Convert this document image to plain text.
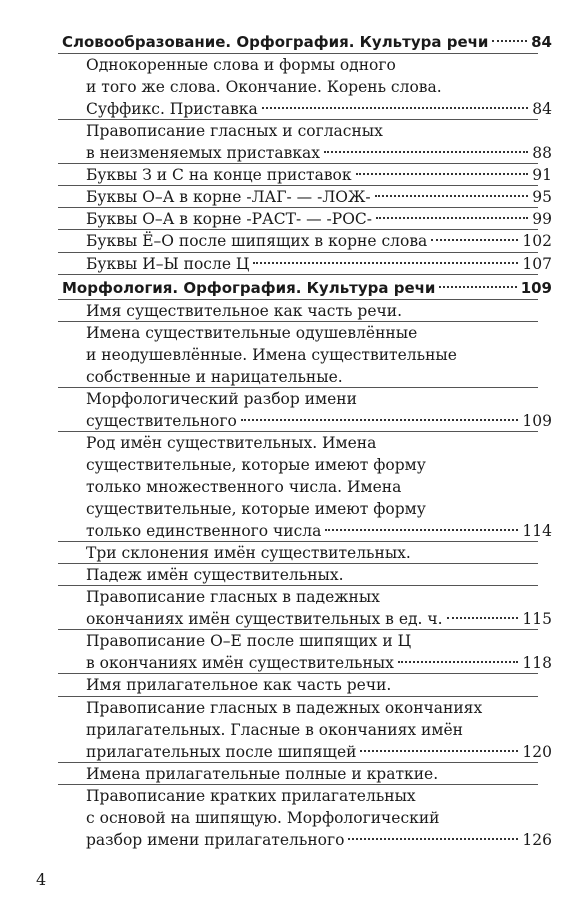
Словообразование. Орфография. Культура речи	84
Однокоренные слова и формы одного
и того же слова. Окончание. Корень слова.
Суффикс. Приставка	84
Правописание гласных и согласных
в неизменяемых приставках	88
Буквы З и С на конце приставок	91
Буквы О–А в корне -ЛАГ- — -ЛОЖ-	95
Буквы О–А в корне -РАСТ- — -РОС-	99
Буквы Ё–О после шипящих в корне слова	102
Буквы И–Ы после Ц	107
Морфология. Орфография. Культура речи	109
Имя существительное как часть речи.
Имена существительные одушевлённые
и неодушевлённые. Имена существительные
собственные и нарицательные.
Морфологический разбор имени
существительного	109
Род имён существительных. Имена
существительные, которые имеют форму
только множественного числа. Имена
существительные, которые имеют форму
только единственного числа	114
Три склонения имён существительных.
Падеж имён существительных.
Правописание гласных в падежных
окончаниях имён существительных в ед. ч.	115
Правописание О–Е после шипящих и Ц
в окончаниях имён существительных	118
Имя прилагательное как часть речи.
Правописание гласных в падежных окончаниях
прилагательных. Гласные в окончаниях имён
прилагательных после шипящей	120
Имена прилагательные полные и краткие.
Правописание кратких прилагательных
с основой на шипящую. Морфологический
разбор имени прилагательного	126
4
